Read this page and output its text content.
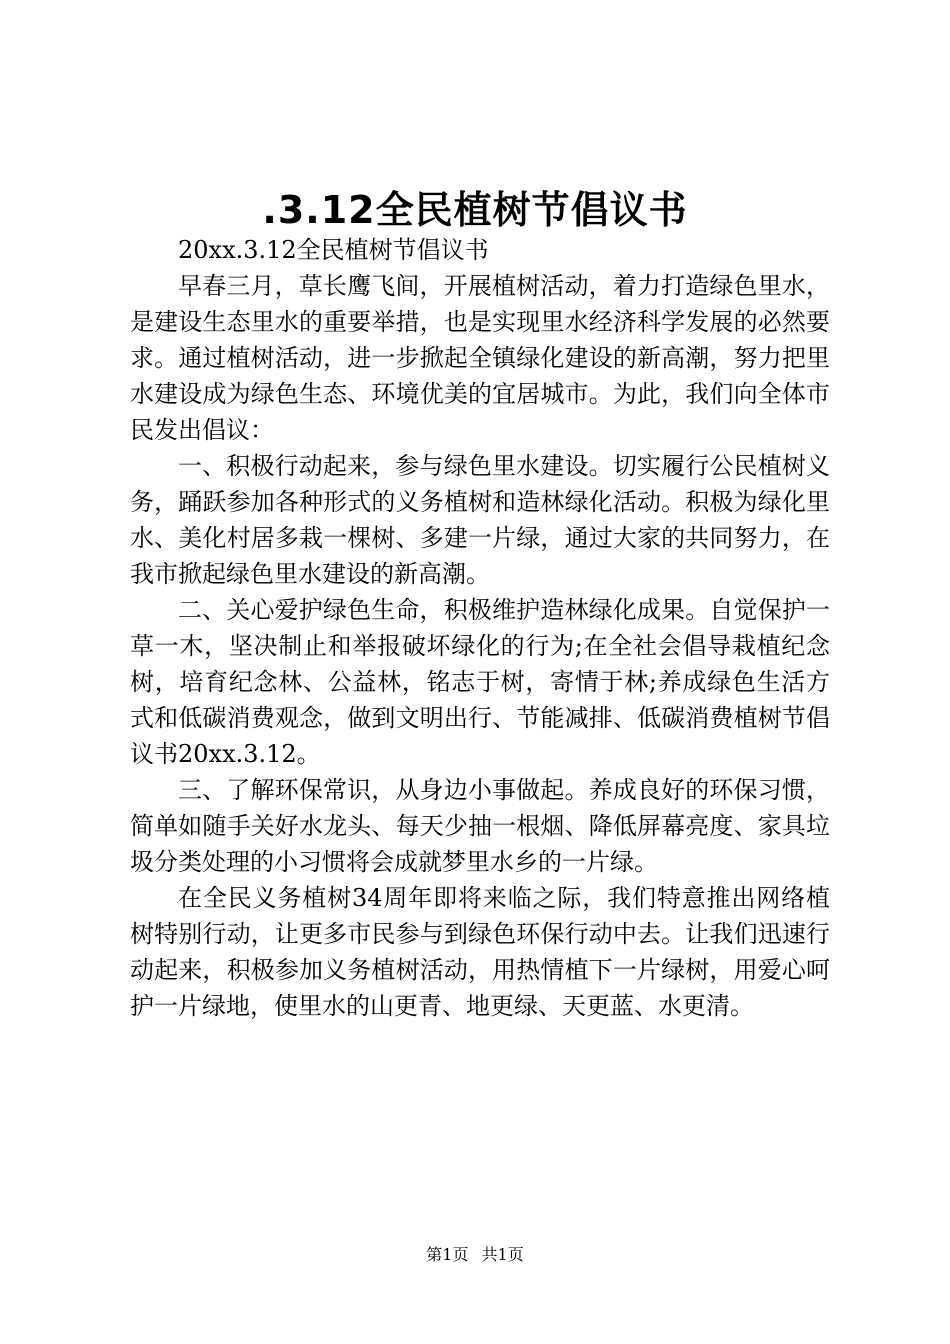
.3.12全民植树节倡议书

20xx.3.12全民植树节倡议书

早春三月，草长鹰飞间，开展植树活动，着力打造绿色里水，是建设生态里水的重要举措，也是实现里水经济科学发展的必然要求。通过植树活动，进一步掀起全镇绿化建设的新高潮，努力把里水建设成为绿色生态、环境优美的宜居城市。为此，我们向全体市民发出倡议：

一、积极行动起来，参与绿色里水建设。切实履行公民植树义务，踊跃参加各种形式的义务植树和造林绿化活动。积极为绿化里水、美化村居多栽一棵树、多建一片绿，通过大家的共同努力，在我市掀起绿色里水建设的新高潮。

二、关心爱护绿色生命，积极维护造林绿化成果。自觉保护一草一木，坚决制止和举报破坏绿化的行为;在全社会倡导栽植纪念树，培育纪念林、公益林，铭志于树，寄情于林;养成绿色生活方式和低碳消费观念，做到文明出行、节能减排、低碳消费植树节倡议书20xx.3.12。

三、了解环保常识，从身边小事做起。养成良好的环保习惯，简单如随手关好水龙头、每天少抽一根烟、降低屏幕亮度、家具垃圾分类处理的小习惯将会成就梦里水乡的一片绿。

在全民义务植树34周年即将来临之际，我们特意推出网络植树特别行动，让更多市民参与到绿色环保行动中去。让我们迅速行动起来，积极参加义务植树活动，用热情植下一片绿树，用爱心呵护一片绿地，使里水的山更青、地更绿、天更蓝、水更清。

第1页 共1页
